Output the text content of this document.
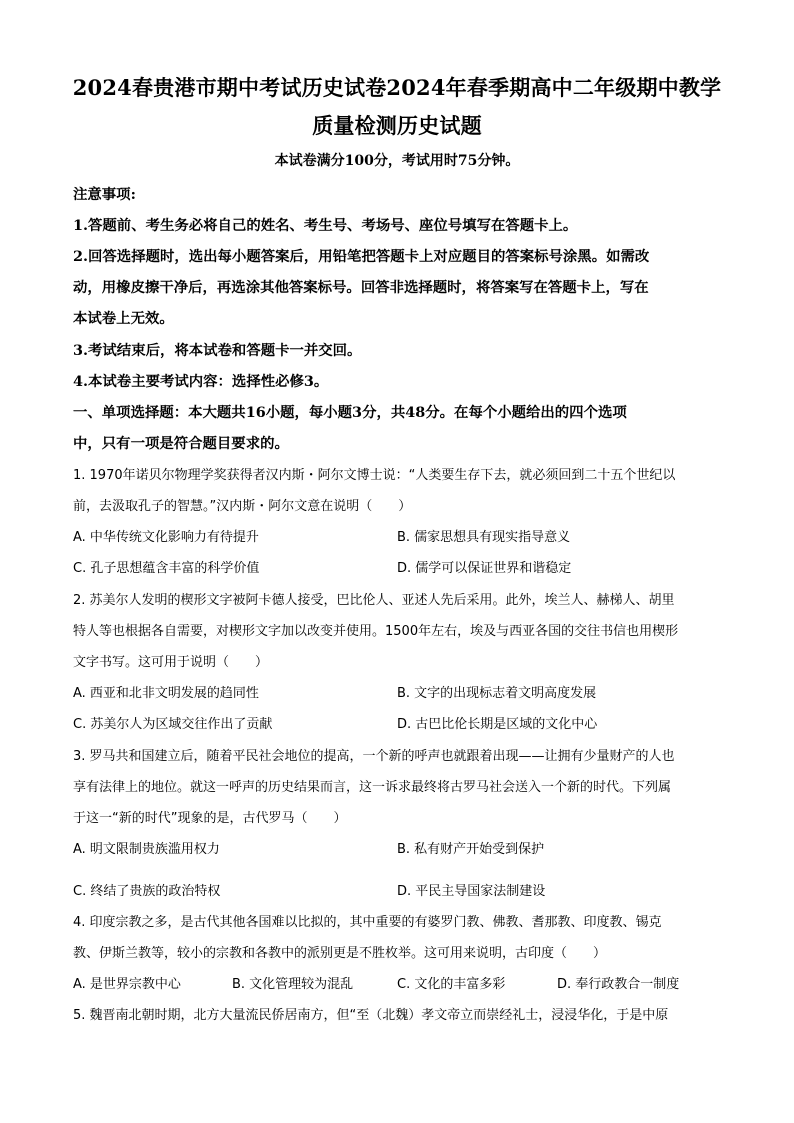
2024春贵港市期中考试历史试卷2024年春季期高中二年级期中教学
质量检测历史试题
本试卷满分100分，考试用时75分钟。
注意事项:
1.答题前、考生务必将自己的姓名、考生号、考场号、座位号填写在答题卡上。
2.回答选择题时，选出每小题答案后，用铅笔把答题卡上对应题目的答案标号涂黑。如需改
动，用橡皮擦干净后，再选涂其他答案标号。回答非选择题时，将答案写在答题卡上，写在
本试卷上无效。
3.考试结束后，将本试卷和答题卡一并交回。
4.本试卷主要考试内容：选择性必修3。
一、单项选择题：本大题共16小题，每小题3分，共48分。在每个小题给出的四个选项
中，只有一项是符合题目要求的。
1. 1970年诺贝尔物理学奖获得者汉内斯・阿尔文博士说：“人类要生存下去，就必须回到二十五个世纪以
前，去汲取孔子的智慧。”汉内斯・阿尔文意在说明（　　）
A. 中华传统文化影响力有待提升	B. 儒家思想具有现实指导意义
C. 孔子思想蕴含丰富的科学价值	D. 儒学可以保证世界和谐稳定
2. 苏美尔人发明的楔形文字被阿卡德人接受，巴比伦人、亚述人先后采用。此外，埃兰人、赫梯人、胡里
特人等也根据各自需要，对楔形文字加以改变并使用。1500年左右，埃及与西亚各国的交往书信也用楔形
文字书写。这可用于说明（　　）
A. 西亚和北非文明发展的趋同性	B. 文字的出现标志着文明高度发展
C. 苏美尔人为区域交往作出了贡献	D. 古巴比伦长期是区域的文化中心
3. 罗马共和国建立后，随着平民社会地位的提高，一个新的呼声也就跟着出现——让拥有少量财产的人也
享有法律上的地位。就这一呼声的历史结果而言，这一诉求最终将古罗马社会送入一个新的时代。下列属
于这一“新的时代”现象的是，古代罗马（　　）
A. 明文限制贵族滥用权力	B. 私有财产开始受到保护
C. 终结了贵族的政治特权	D. 平民主导国家法制建设
4. 印度宗教之多，是古代其他各国难以比拟的，其中重要的有婆罗门教、佛教、耆那教、印度教、锡克
教、伊斯兰教等，较小的宗教和各教中的派别更是不胜枚举。这可用来说明，古印度（　　）
A. 是世界宗教中心	B. 文化管理较为混乱	C. 文化的丰富多彩	D. 奉行政教合一制度
5. 魏晋南北朝时期，北方大量流民侨居南方，但“至（北魏）孝文帝立而崇经礼士，浸浸华化，于是中原
